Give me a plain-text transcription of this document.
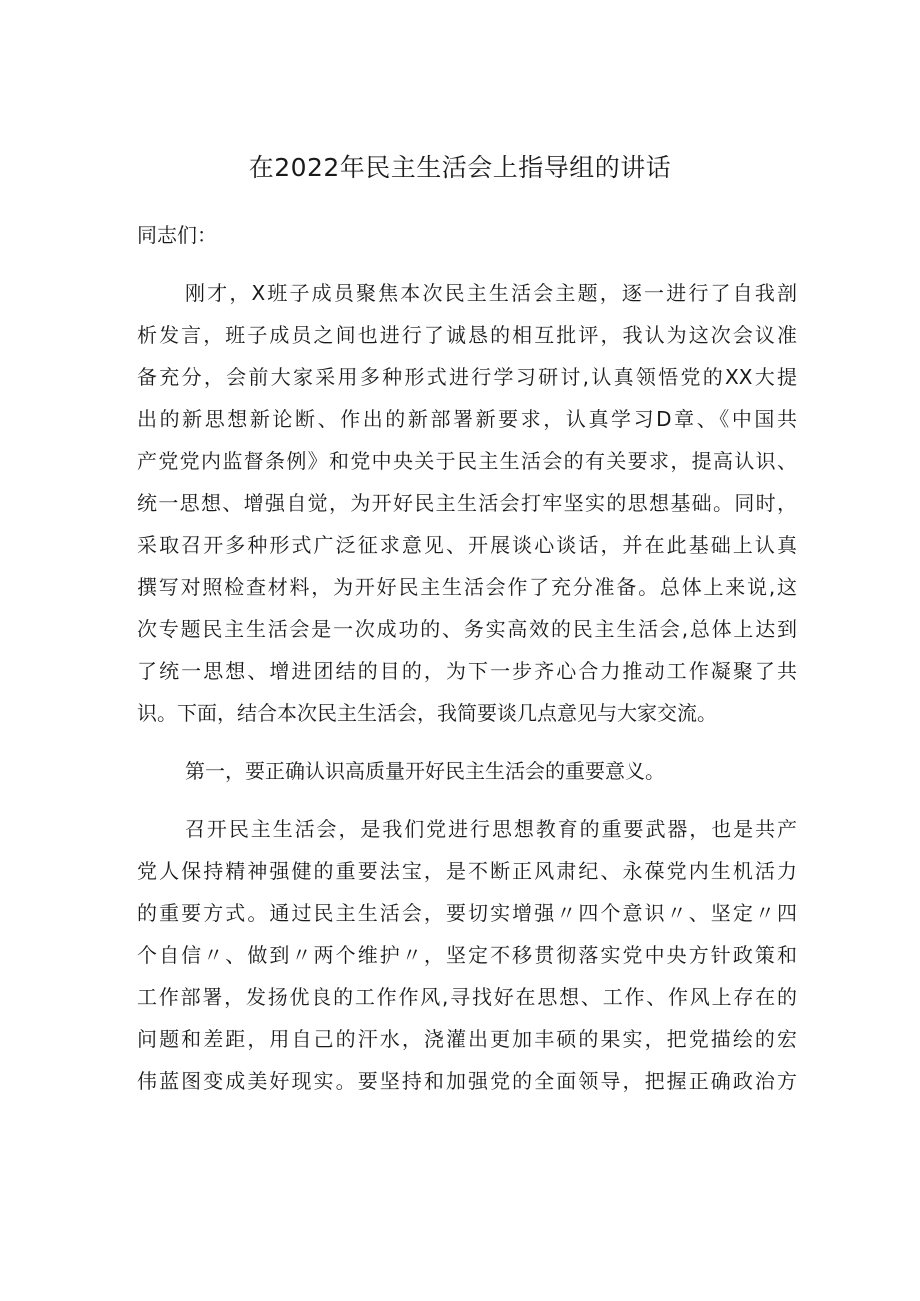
在2022年民主生活会上指导组的讲话
同志们：
刚才，X班子成员聚焦本次民主生活会主题，逐一进行了自我剖
析发言，班子成员之间也进行了诚恳的相互批评，我认为这次会议准
备充分，会前大家采用多种形式进行学习研讨,认真领悟党的XX大提
出的新思想新论断、作出的新部署新要求，认真学习D章、《中国共
产党党内监督条例》和党中央关于民主生活会的有关要求，提高认识、
统一思想、增强自觉，为开好民主生活会打牢坚实的思想基础。同时，
采取召开多种形式广泛征求意见、开展谈心谈话，并在此基础上认真
撰写对照检查材料，为开好民主生活会作了充分准备。总体上来说,这
次专题民主生活会是一次成功的、务实高效的民主生活会,总体上达到
了统一思想、增进团结的目的，为下一步齐心合力推动工作凝聚了共
识。下面，结合本次民主生活会，我简要谈几点意见与大家交流。
第一，要正确认识高质量开好民主生活会的重要意义。
召开民主生活会，是我们党进行思想教育的重要武器，也是共产
党人保持精神强健的重要法宝，是不断正风肃纪、永葆党内生机活力
的重要方式。通过民主生活会，要切实增强〃四个意识〃、坚定〃四
个自信〃、做到〃两个维护〃，坚定不移贯彻落实党中央方针政策和
工作部署，发扬优良的工作作风,寻找好在思想、工作、作风上存在的
问题和差距，用自己的汗水，浇灌出更加丰硕的果实，把党描绘的宏
伟蓝图变成美好现实。要坚持和加强党的全面领导，把握正确政治方
